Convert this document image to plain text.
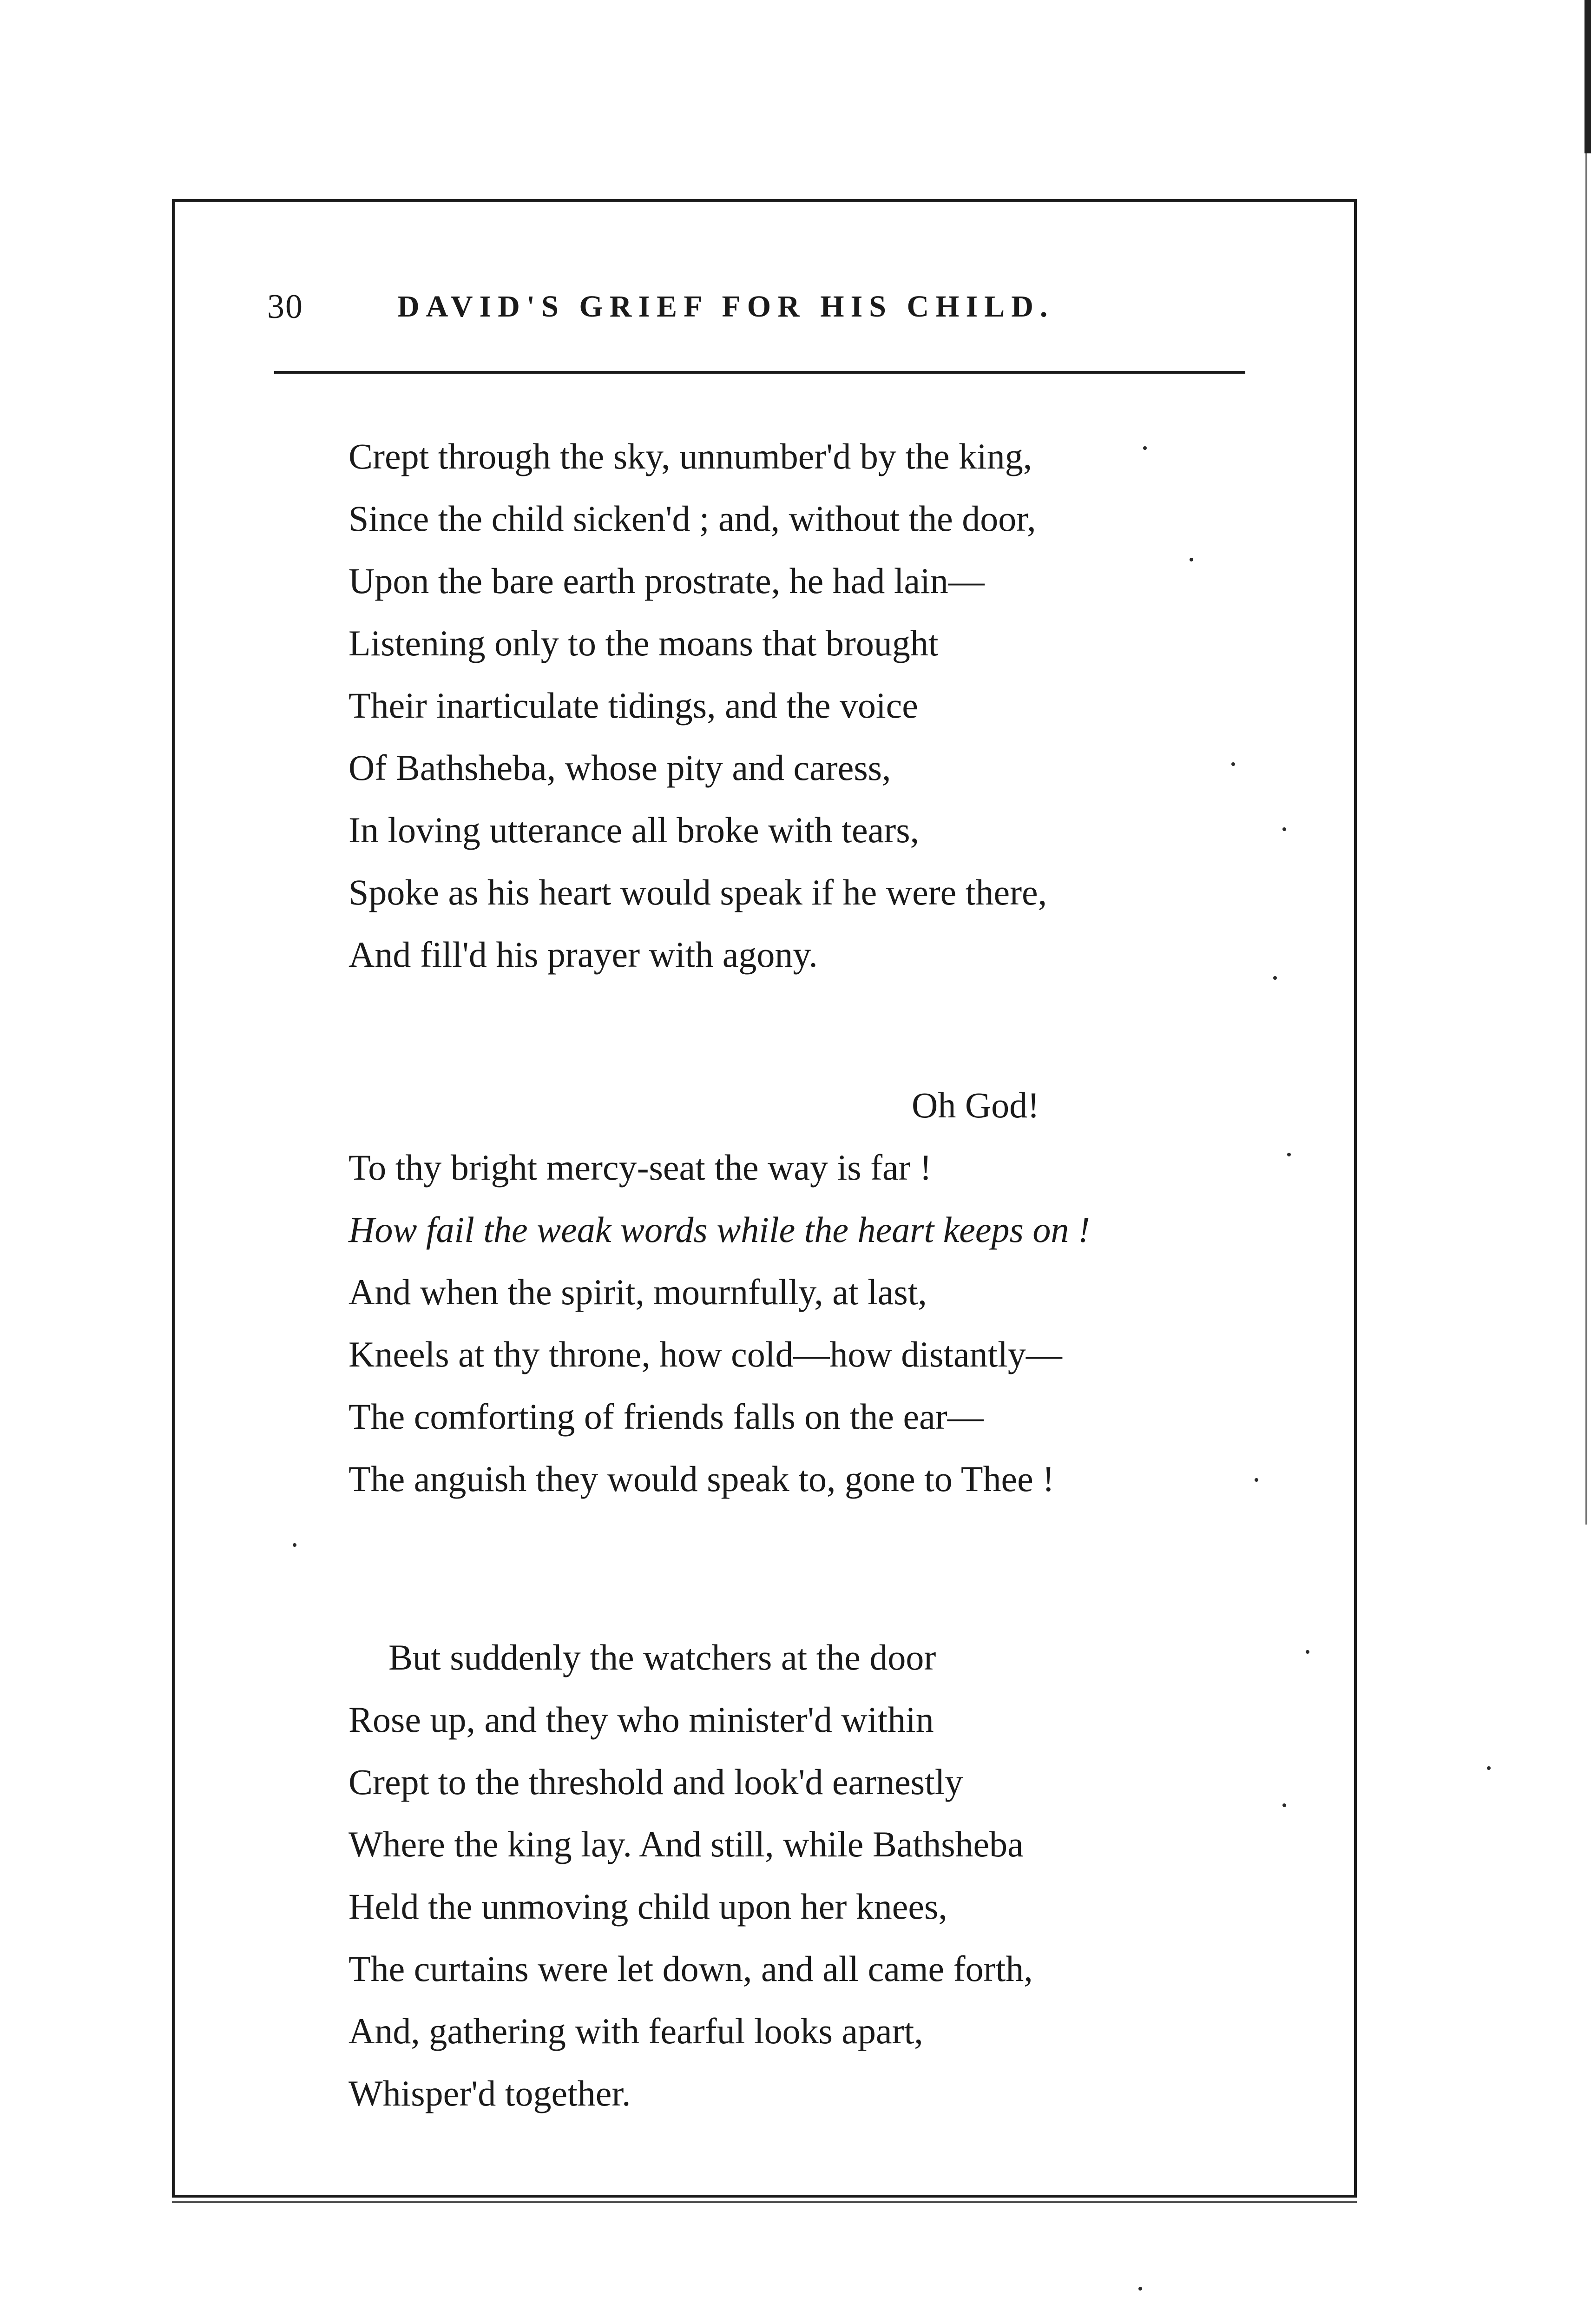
30	DAVID'S GRIEF FOR HIS CHILD.
Crept through the sky, unnumber'd by the king,
Since the child sicken'd ; and, without the door,
Upon the bare earth prostrate, he had lain—
Listening only to the moans that brought
Their inarticulate tidings, and the voice
Of Bathsheba, whose pity and caress,
In loving utterance all broke with tears,
Spoke as his heart would speak if he were there,
And fill'd his prayer with agony.
Oh God!
To thy bright mercy-seat the way is far !
How fail the weak words while the heart keeps on !
And when the spirit, mournfully, at last,
Kneels at thy throne, how cold—how distantly—
The comforting of friends falls on the ear—
The anguish they would speak to, gone to Thee !
But suddenly the watchers at the door
Rose up, and they who minister'd within
Crept to the threshold and look'd earnestly
Where the king lay. And still, while Bathsheba
Held the unmoving child upon her knees,
The curtains were let down, and all came forth,
And, gathering with fearful looks apart,
Whisper'd together.
